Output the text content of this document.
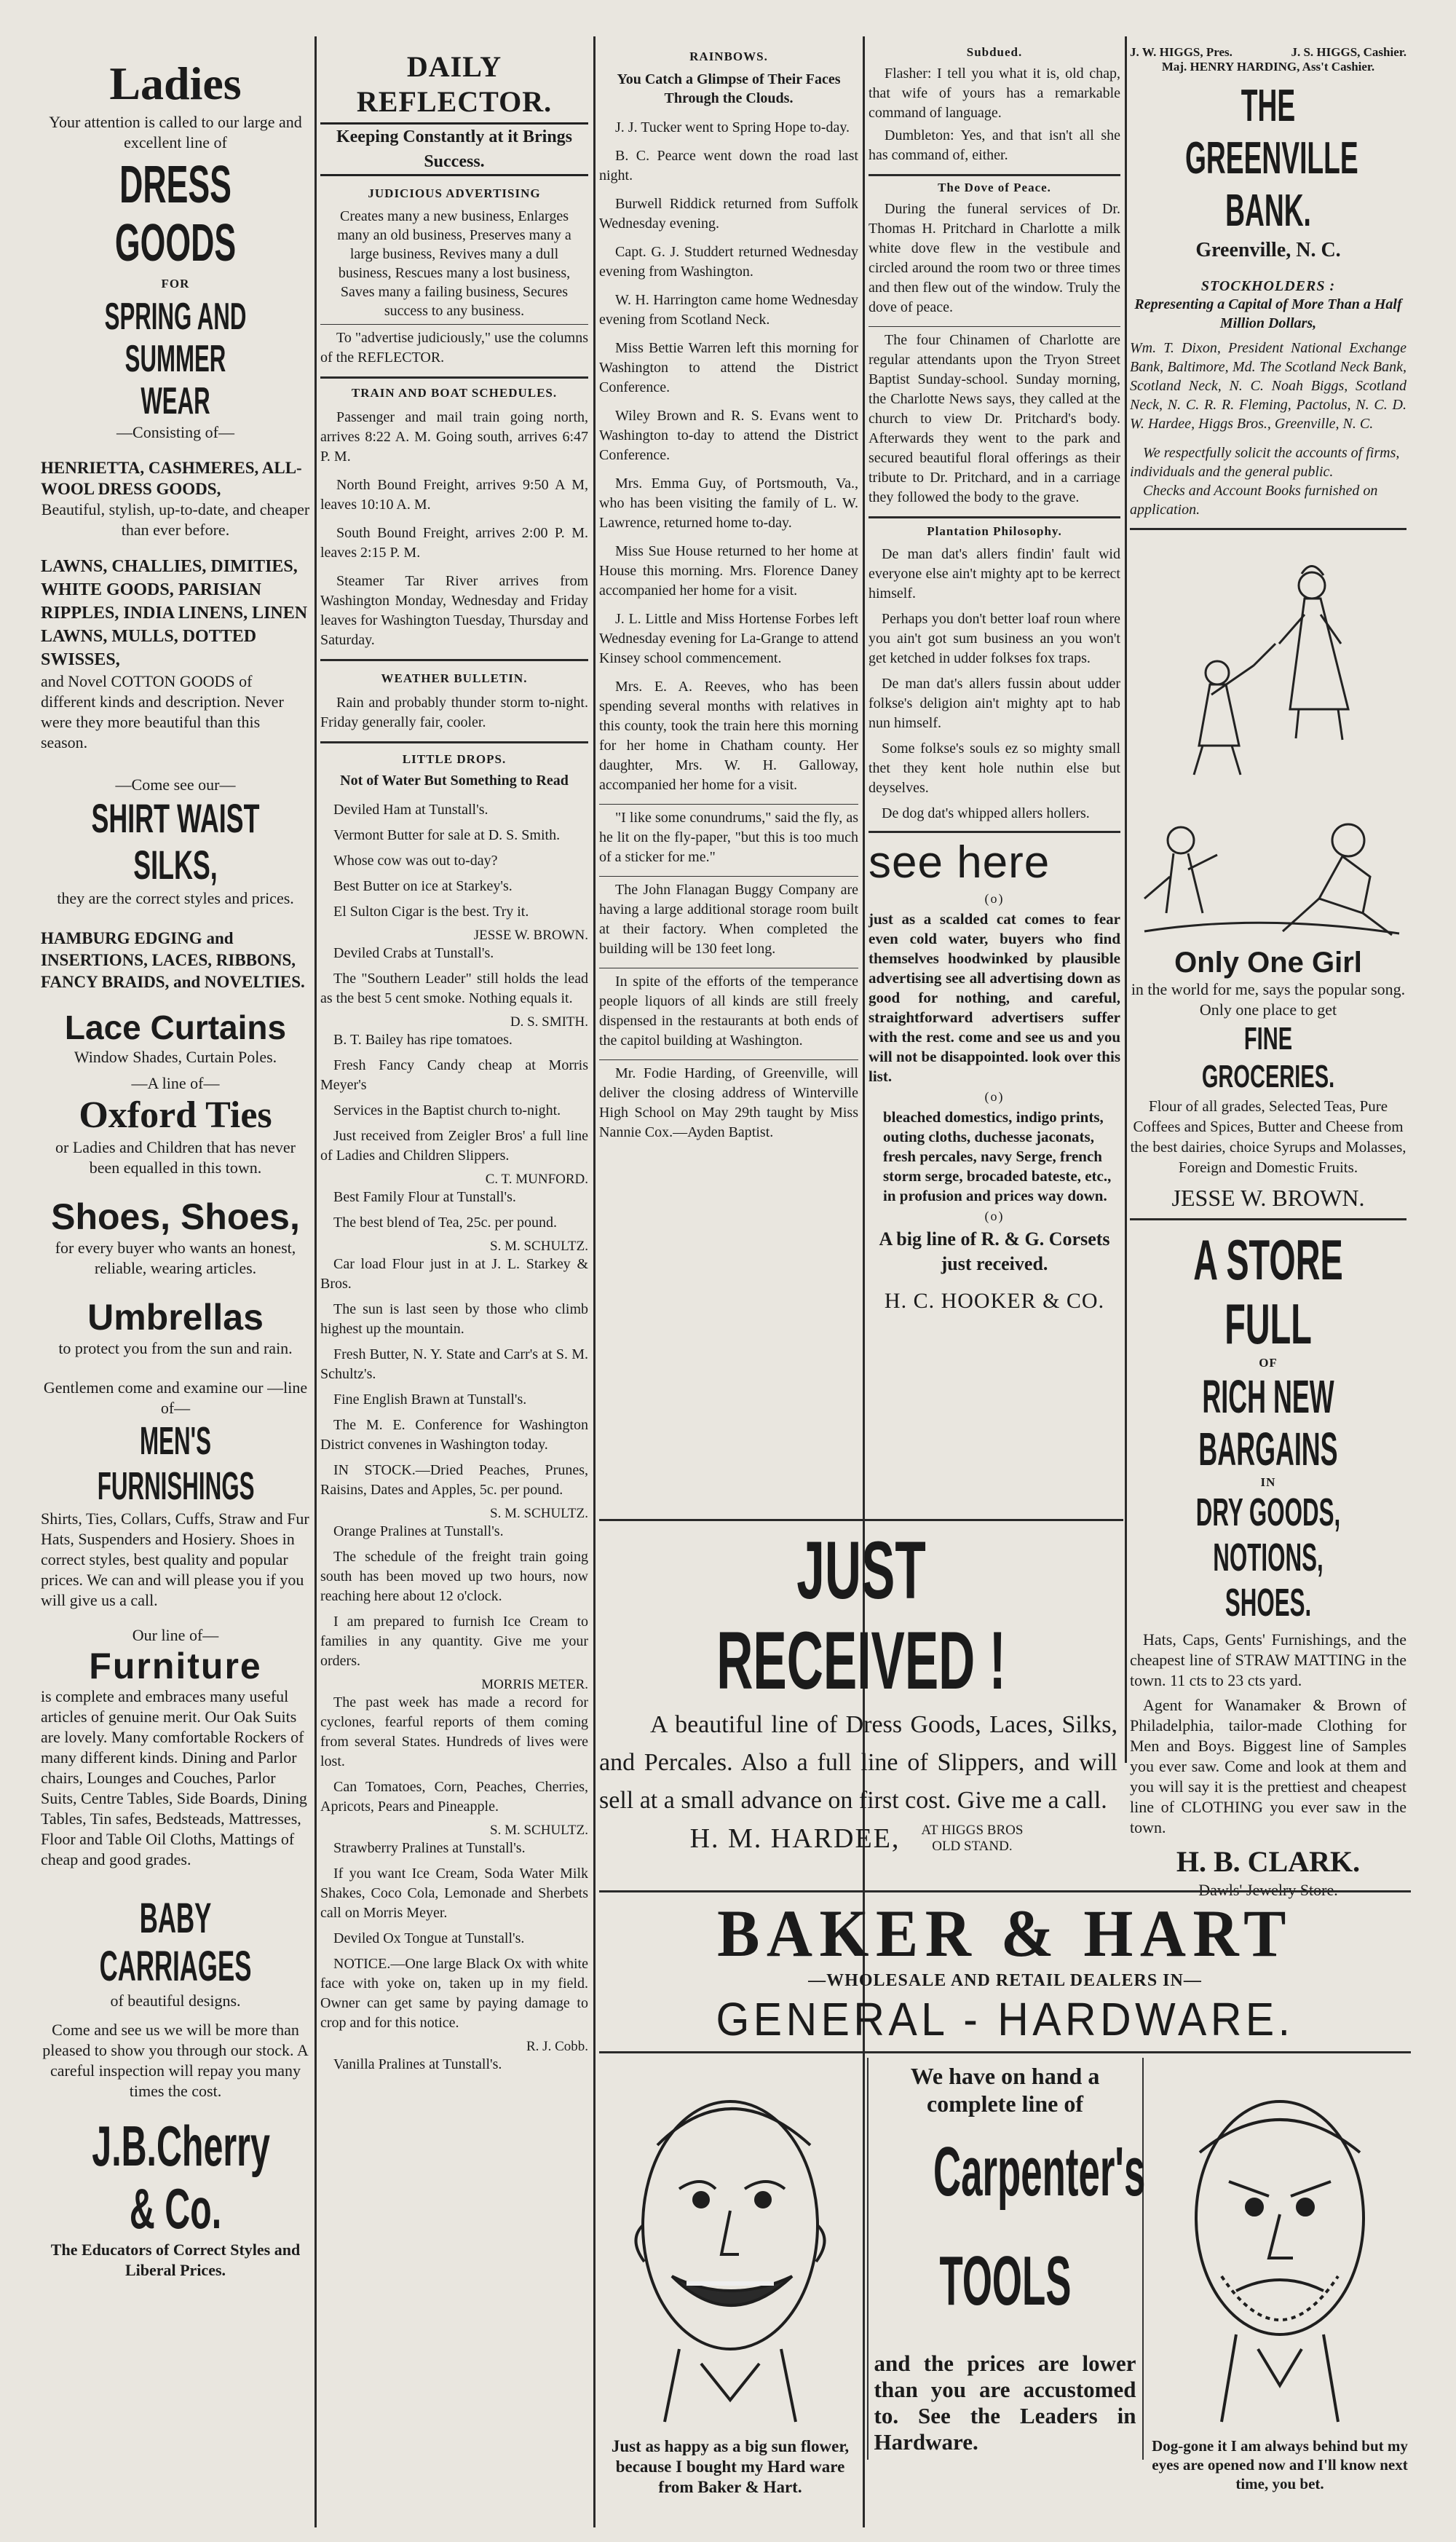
Ladies
Your attention is called to our large and excellent line of
DRESS GOODS
FOR
SPRING AND SUMMER WEAR
—Consisting of—
HENRIETTA, CASHMERES, ALL-WOOL DRESS GOODS,
Beautiful, stylish, up-to-date, and cheaper than ever before.
LAWNS, CHALLIES, DIMITIES, WHITE GOODS, PARISIAN RIPPLES, INDIA LINENS, LINEN LAWNS, MULLS, DOTTED SWISSES,
and Novel COTTON GOODS of different kinds and description. Never were they more beautiful than this season.
—Come see our—
SHIRT WAIST SILKS,
they are the correct styles and prices.
HAMBURG EDGING and INSERTIONS, LACES, RIBBONS, FANCY BRAIDS, and NOVELTIES.
Lace Curtains
Window Shades, Curtain Poles.
—A line of—
Oxford Ties
or Ladies and Children that has never been equalled in this town.
Shoes, Shoes,
for every buyer who wants an honest, reliable, wearing articles.
Umbrellas
to protect you from the sun and rain.
Gentlemen come and examine our —line of—
MEN'S FURNISHINGS
Shirts, Ties, Collars, Cuffs, Straw and Fur Hats, Suspenders and Hosiery. Shoes in correct styles, best quality and popular prices. We can and will please you if you will give us a call.
Our line of—
Furniture
is complete and embraces many useful articles of genuine merit. Our Oak Suits are lovely. Many comfortable Rockers of many different kinds. Dining and Parlor chairs, Lounges and Couches, Parlor Suits, Centre Tables, Side Boards, Dining Tables, Tin safes, Bedsteads, Mattresses, Floor and Table Oil Cloths, Mattings of cheap and good grades.
BABY CARRIAGES
of beautiful designs.
Come and see us we will be more than pleased to show you through our stock. A careful inspection will repay you many times the cost.
J.B.Cherry & Co.
The Educators of Correct Styles and Liberal Prices.
DAILY REFLECTOR.
Keeping Constantly at it Brings Success.
JUDICIOUS ADVERTISING
Creates many a new business, Enlarges many an old business, Preserves many a large business, Revives many a dull business, Rescues many a lost business, Saves many a failing business, Secures success to any business.
To "advertise judiciously," use the columns of the REFLECTOR.
TRAIN AND BOAT SCHEDULES.
Passenger and mail train going north, arrives 8:22 A. M. Going south, arrives 6:47 P. M.
North Bound Freight, arrives 9:50 A M, leaves 10:10 A. M.
South Bound Freight, arrives 2:00 P. M. leaves 2:15 P. M.
Steamer Tar River arrives from Washington Monday, Wednesday and Friday leaves for Washington Tuesday, Thursday and Saturday.
WEATHER BULLETIN.
Rain and probably thunder storm to-night. Friday generally fair, cooler.
LITTLE DROPS.
Not of Water But Something to Read
Deviled Ham at Tunstall's.
Vermont Butter for sale at D. S. Smith.
Whose cow was out to-day?
Best Butter on ice at Starkey's.
El Sulton Cigar is the best. Try it.
JESSE W. BROWN.
Deviled Crabs at Tunstall's.
The "Southern Leader" still holds the lead as the best 5 cent smoke. Nothing equals it.
D. S. SMITH.
B. T. Bailey has ripe tomatoes.
Fresh Fancy Candy cheap at Morris Meyer's
Services in the Baptist church to-night.
Just received from Zeigler Bros' a full line of Ladies and Children Slippers.
C. T. MUNFORD.
Best Family Flour at Tunstall's.
The best blend of Tea, 25c. per pound.
S. M. SCHULTZ.
Car load Flour just in at J. L. Starkey & Bros.
The sun is last seen by those who climb highest up the mountain.
Fresh Butter, N. Y. State and Carr's at S. M. Schultz's.
Fine English Brawn at Tunstall's.
The M. E. Conference for Washington District convenes in Washington today.
IN STOCK.—Dried Peaches, Prunes, Raisins, Dates and Apples, 5c. per pound.
S. M. SCHULTZ.
Orange Pralines at Tunstall's.
The schedule of the freight train going south has been moved up two hours, now reaching here about 12 o'clock.
I am prepared to furnish Ice Cream to families in any quantity. Give me your orders.
MORRIS METER.
The past week has made a record for cyclones, fearful reports of them coming from several States. Hundreds of lives were lost.
Can Tomatoes, Corn, Peaches, Cherries, Apricots, Pears and Pineapple.
S. M. SCHULTZ.
Strawberry Pralines at Tunstall's.
If you want Ice Cream, Soda Water Milk Shakes, Coco Cola, Lemonade and Sherbets call on Morris Meyer.
Deviled Ox Tongue at Tunstall's.
NOTICE.—One large Black Ox with white face with yoke on, taken up in my field. Owner can get same by paying damage to crop and for this notice.
R. J. Cobb.
Vanilla Pralines at Tunstall's.
RAINBOWS.
You Catch a Glimpse of Their Faces Through the Clouds.
J. J. Tucker went to Spring Hope to-day.
B. C. Pearce went down the road last night.
Burwell Riddick returned from Suffolk Wednesday evening.
Capt. G. J. Studdert returned Wednesday evening from Washington.
W. H. Harrington came home Wednesday evening from Scotland Neck.
Miss Bettie Warren left this morning for Washington to attend the District Conference.
Wiley Brown and R. S. Evans went to Washington to-day to attend the District Conference.
Mrs. Emma Guy, of Portsmouth, Va., who has been visiting the family of L. W. Lawrence, returned home to-day.
Miss Sue House returned to her home at House this morning. Mrs. Florence Daney accompanied her home for a visit.
J. L. Little and Miss Hortense Forbes left Wednesday evening for La-Grange to attend Kinsey school commencement.
Mrs. E. A. Reeves, who has been spending several months with relatives in this county, took the train here this morning for her home in Chatham county. Her daughter, Mrs. W. H. Galloway, accompanied her home for a visit.
"I like some conundrums," said the fly, as he lit on the fly-paper, "but this is too much of a sticker for me."
The John Flanagan Buggy Company are having a large additional storage room built at their factory. When completed the building will be 130 feet long.
In spite of the efforts of the temperance people liquors of all kinds are still freely dispensed in the restaurants at both ends of the capitol building at Washington.
Mr. Fodie Harding, of Greenville, will deliver the closing address of Winterville High School on May 29th taught by Miss Nannie Cox.—Ayden Baptist.
Subdued.
Flasher: I tell you what it is, old chap, that wife of yours has a remarkable command of language.
Dumbleton: Yes, and that isn't all she has command of, either.
The Dove of Peace.
During the funeral services of Dr. Thomas H. Pritchard in Charlotte a milk white dove flew in the vestibule and circled around the room two or three times and then flew out of the window. Truly the dove of peace.
The four Chinamen of Charlotte are regular attendants upon the Tryon Street Baptist Sunday-school. Sunday morning, the Charlotte News says, they called at the church to view Dr. Pritchard's body. Afterwards they went to the park and secured beautiful floral offerings as their tribute to Dr. Pritchard, and in a carriage they followed the body to the grave.
Plantation Philosophy.
De man dat's allers findin' fault wid everyone else ain't mighty apt to be kerrect himself.
Perhaps you don't better loaf roun where you ain't got sum business an you won't get ketched in udder folkses fox traps.
De man dat's allers fussin about udder folkse's deligion ain't mighty apt to hab nun himself.
Some folkse's souls ez so mighty small thet they kent hole nuthin else but deyselves.
De dog dat's whipped allers hollers.
see here
(o)
just as a scalded cat comes to fear even cold water, buyers who find themselves hoodwinked by plausible advertising see all advertising down as good for nothing, and careful, straightforward advertisers suffer with the rest. come and see us and you will not be disappointed. look over this list.
(o)
bleached domestics, indigo prints, outing cloths, duchesse jaconats, fresh percales, navy Serge, french storm serge, brocaded bateste, etc., in profusion and prices way down.
(o)
A big line of R. & G. Corsets just received.
H. C. HOOKER & CO.
J. W. HIGGS, Pres.	J. S. HIGGS, Cashier.
Maj. HENRY HARDING, Ass't Cashier.
THE GREENVILLE BANK.
Greenville, N. C.
STOCKHOLDERS :
Representing a Capital of More Than a Half Million Dollars,
Wm. T. Dixon, President National Exchange Bank, Baltimore, Md. The Scotland Neck Bank, Scotland Neck, N. C. Noah Biggs, Scotland Neck, N. C. R. R. Fleming, Pactolus, N. C. D. W. Hardee, Higgs Bros., Greenville, N. C.
We respectfully solicit the accounts of firms, individuals and the general public.
Checks and Account Books furnished on application.
Only One Girl
in the world for me, says the popular song. Only one place to get
FINE GROCERIES.
Flour of all grades, Selected Teas, Pure Coffees and Spices, Butter and Cheese from the best dairies, choice Syrups and Molasses, Foreign and Domestic Fruits.
JESSE W. BROWN.
A STORE FULL
OF
RICH NEW BARGAINS
IN
DRY GOODS, NOTIONS, SHOES.
Hats, Caps, Gents' Furnishings, and the cheapest line of STRAW MATTING in the town. 11 cts to 23 cts yard.
Agent for Wanamaker & Brown of Philadelphia, tailor-made Clothing for Men and Boys. Biggest line of Samples you ever saw. Come and look at them and you will say it is the prettiest and cheapest line of CLOTHING you ever saw in the town.
H. B. CLARK.
Dawls' Jewelry Store.
JUST RECEIVED !
A beautiful line of Dress Goods, Laces, Silks, and Percales. Also a full line of Slippers, and will sell at a small advance on first cost. Give me a call.
H. M. HARDEE, AT HIGGS BROS OLD STAND.
BAKER & HART
—WHOLESALE AND RETAIL DEALERS IN—
GENERAL - HARDWARE.
Just as happy as a big sun flower, because I bought my Hard ware from Baker & Hart.
We have on hand a complete line of
Carpenter's
TOOLS
and the prices are lower than you are accustomed to. See the Leaders in Hardware.	Dog-gone it I am always behind but my eyes are opened now and I'll know next time, you bet.
